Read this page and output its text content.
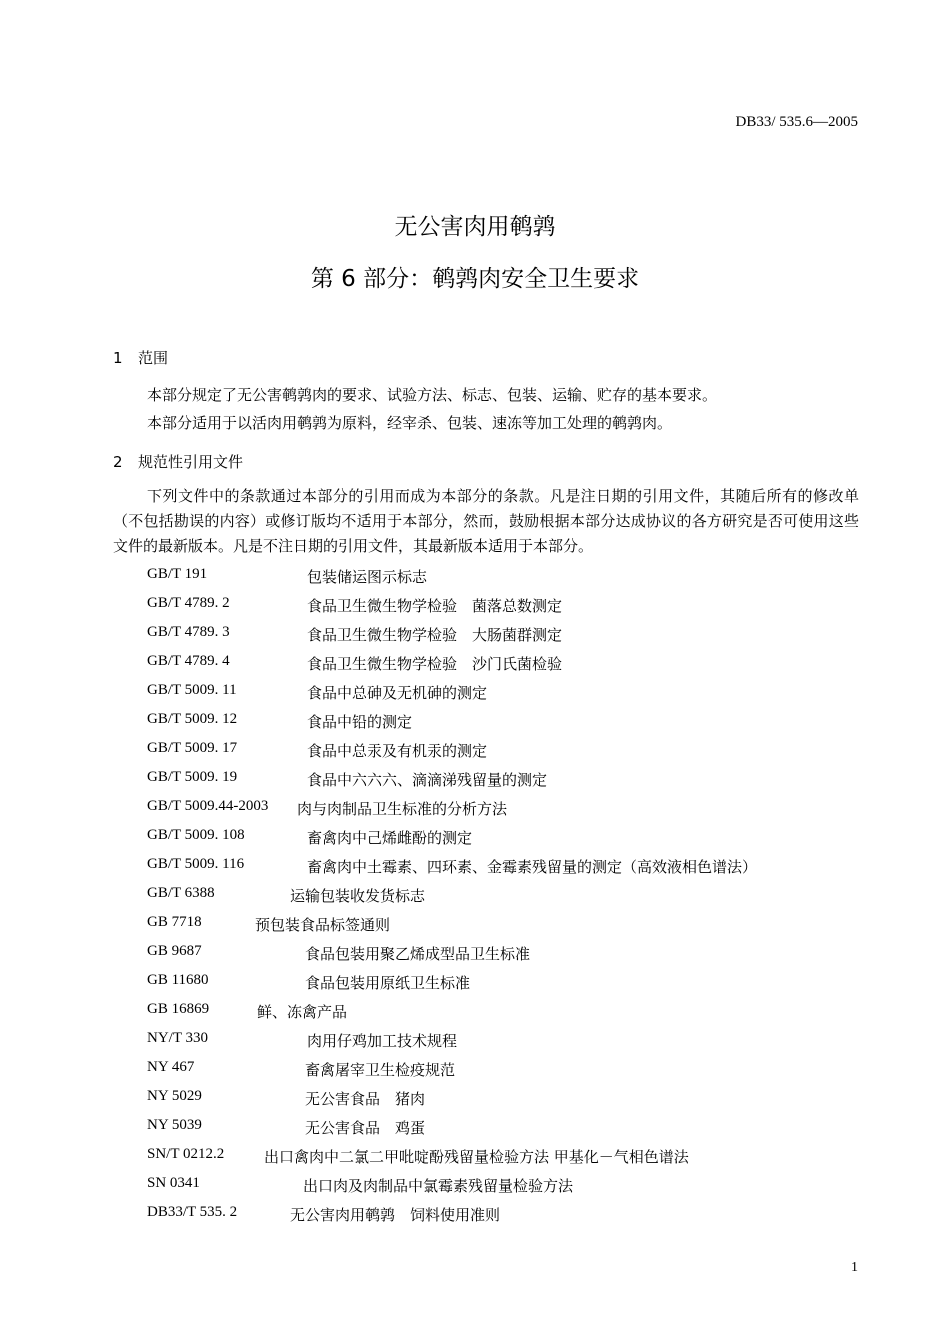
DB33/ 535.6—2005
无公害肉用鹌鹑
第 6 部分：鹌鹑肉安全卫生要求
1 范围
本部分规定了无公害鹌鹑肉的要求、试验方法、标志、包装、运输、贮存的基本要求。
本部分适用于以活肉用鹌鹑为原料，经宰杀、包装、速冻等加工处理的鹌鹑肉。
2 规范性引用文件
下列文件中的条款通过本部分的引用而成为本部分的条款。凡是注日期的引用文件，其随后所有的修改单（不包括勘误的内容）或修订版均不适用于本部分，然而，鼓励根据本部分达成协议的各方研究是否可使用这些文件的最新版本。凡是不注日期的引用文件，其最新版本适用于本部分。
GB/T 191	包装储运图示标志
GB/T 4789. 2	食品卫生微生物学检验　菌落总数测定
GB/T 4789. 3	食品卫生微生物学检验　大肠菌群测定
GB/T 4789. 4	食品卫生微生物学检验　沙门氏菌检验
GB/T 5009. 11	食品中总砷及无机砷的测定
GB/T 5009. 12	食品中铅的测定
GB/T 5009. 17	食品中总汞及有机汞的测定
GB/T 5009. 19	食品中六六六、滴滴涕残留量的测定
GB/T 5009.44-2003 肉与肉制品卫生标准的分析方法
GB/T 5009. 108	畜禽肉中己烯雌酚的测定
GB/T 5009. 116	畜禽肉中土霉素、四环素、金霉素残留量的测定（高效液相色谱法）
GB/T 6388	运输包装收发货标志
GB 7718	预包装食品标签通则
GB 9687	食品包装用聚乙烯成型品卫生标准
GB 11680	食品包装用原纸卫生标准
GB 16869	鲜、冻禽产品
NY/T 330	肉用仔鸡加工技术规程
NY 467	畜禽屠宰卫生检疫规范
NY 5029	无公害食品　猪肉
NY 5039	无公害食品　鸡蛋
SN/T 0212.2	出口禽肉中二氯二甲吡啶酚残留量检验方法 甲基化－气相色谱法
SN 0341	出口肉及肉制品中氯霉素残留量检验方法
DB33/T 535. 2	无公害肉用鹌鹑　饲料使用准则
1
